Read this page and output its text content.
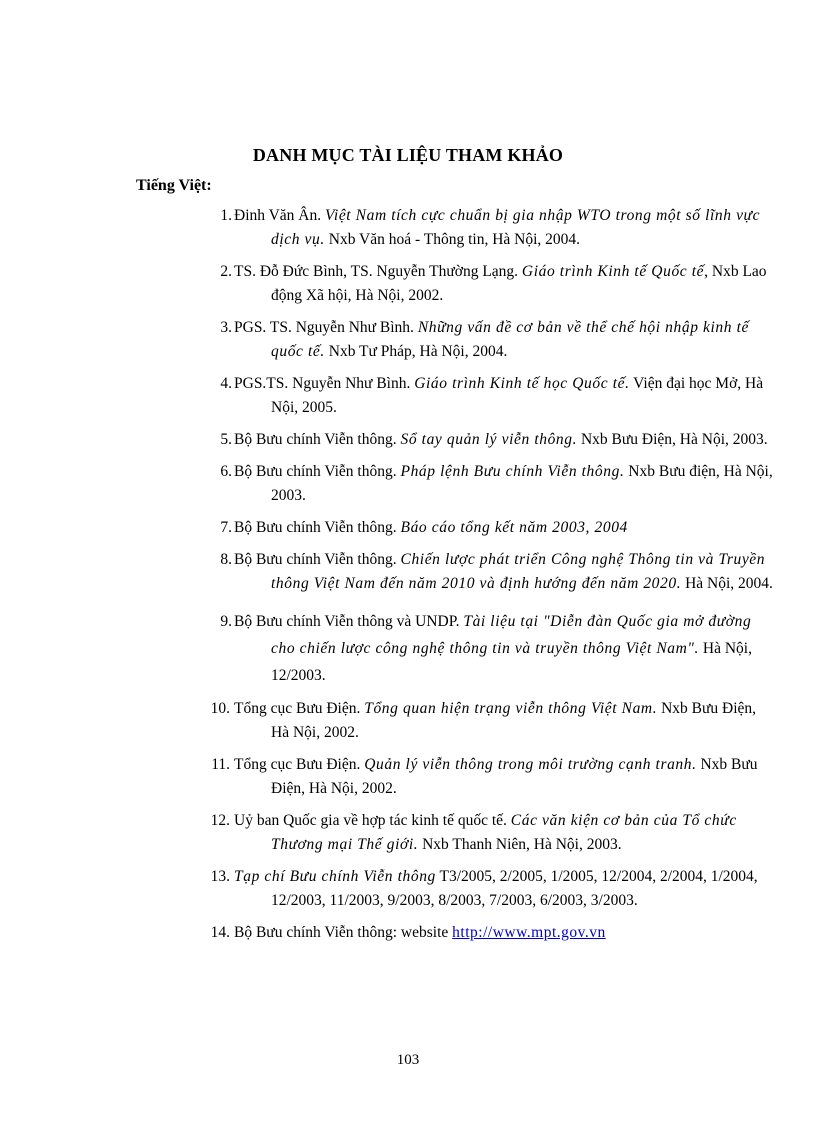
DANH MỤC TÀI LIỆU THAM KHẢO
Tiếng Việt:
1. Đinh Văn Ân. Việt Nam tích cực chuẩn bị gia nhập WTO trong một số lĩnh vực dịch vụ. Nxb Văn hoá - Thông tin, Hà Nội, 2004.
2. TS. Đỗ Đức Bình, TS. Nguyễn Thường Lạng. Giáo trình Kinh tế Quốc tế, Nxb Lao động Xã hội, Hà Nội, 2002.
3. PGS. TS. Nguyễn Như Bình. Những vấn đề cơ bản về thể chế hội nhập kinh tế quốc tế. Nxb Tư Pháp, Hà Nội, 2004.
4. PGS.TS. Nguyễn Như Bình. Giáo trình Kinh tế học Quốc tế. Viện đại học Mở, Hà Nội, 2005.
5. Bộ Bưu chính Viễn thông. Sổ tay quản lý viễn thông. Nxb Bưu Điện, Hà Nội, 2003.
6. Bộ Bưu chính Viễn thông. Pháp lệnh Bưu chính Viễn thông. Nxb Bưu điện, Hà Nội, 2003.
7. Bộ Bưu chính Viễn thông. Báo cáo tổng kết năm 2003, 2004
8. Bộ Bưu chính Viễn thông. Chiến lược phát triển Công nghệ Thông tin và Truyền thông Việt Nam đến năm 2010 và định hướng đến năm 2020. Hà Nội, 2004.
9. Bộ Bưu chính Viễn thông và UNDP. Tài liệu tại "Diễn đàn Quốc gia mở đường cho chiến lược công nghệ thông tin và truyền thông Việt Nam". Hà Nội, 12/2003.
10. Tổng cục Bưu Điện. Tổng quan hiện trạng viễn thông Việt Nam. Nxb Bưu Điện, Hà Nội, 2002.
11. Tổng cục Bưu Điện. Quản lý viễn thông trong môi trường cạnh tranh. Nxb Bưu Điện, Hà Nội, 2002.
12. Uỷ ban Quốc gia về hợp tác kinh tế quốc tế. Các văn kiện cơ bản của Tổ chức Thương mại Thế giới. Nxb Thanh Niên, Hà Nội, 2003.
13. Tạp chí Bưu chính Viễn thông T3/2005, 2/2005, 1/2005, 12/2004, 2/2004, 1/2004, 12/2003, 11/2003, 9/2003, 8/2003, 7/2003, 6/2003, 3/2003.
14. Bộ Bưu chính Viễn thông: website http://www.mpt.gov.vn
103
